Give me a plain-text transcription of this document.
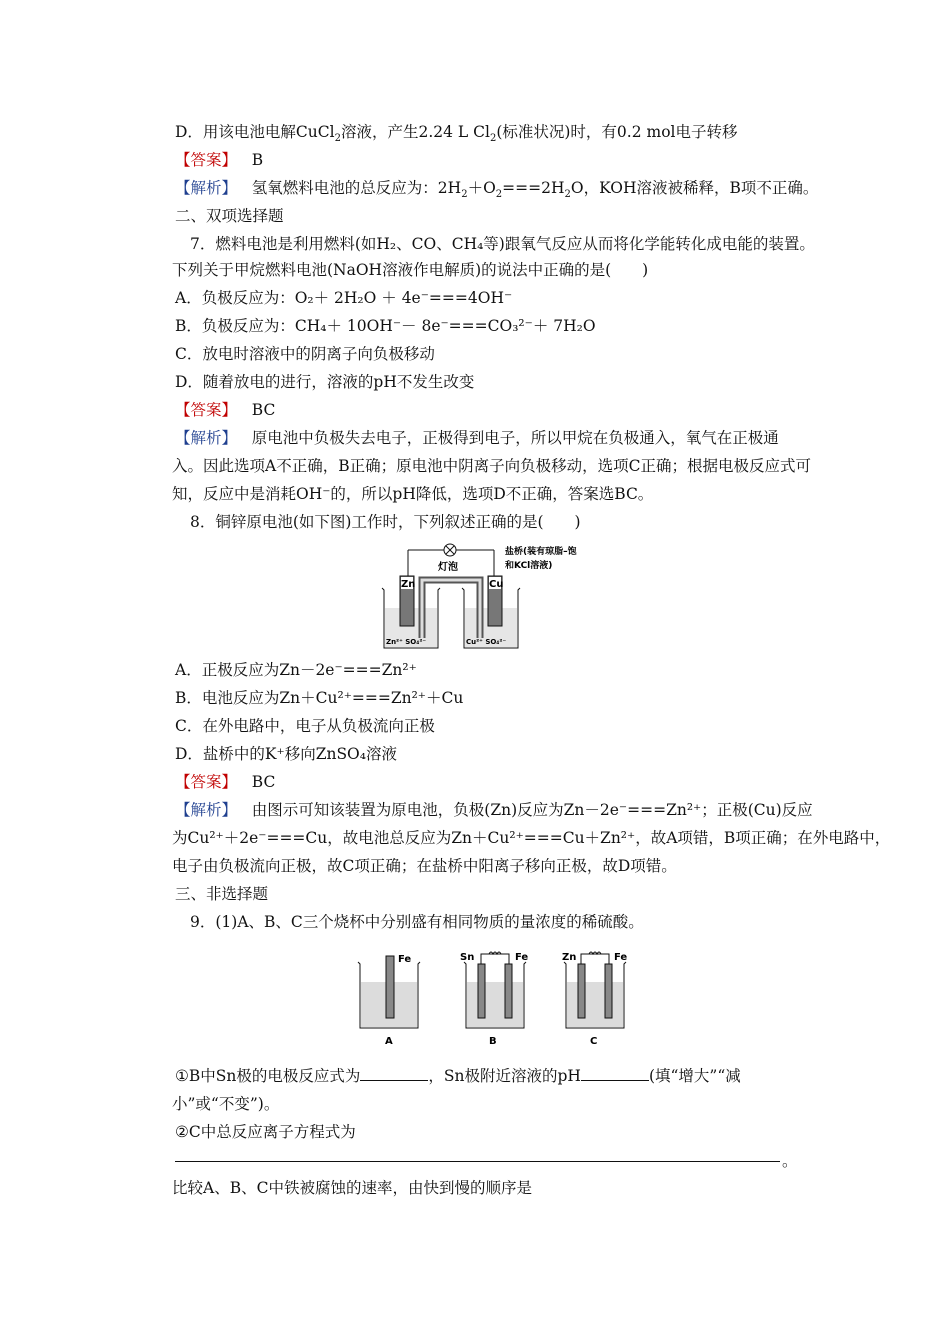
D．用该电池电解CuCl$_2$溶液，产生2.24 L $Cl_2$(标准状况)时，有0.2 mol电子转移
【答案】 B
【解析】 氢氧燃料电池的总反应为：$2H_2+O_2===2H_2O$，KOH溶液被稀释，B项不正确。
二、双项选择题
7．燃料电池是利用燃料(如H₂、CO、CH₄等)跟氧气反应从而将化学能转化成电能的装置。
下列关于甲烷燃料电池(NaOH溶液作电解质)的说法中正确的是(　　)
A．负极反应为：O₂＋ 2H₂O ＋ 4e⁻===4OH⁻
B．负极反应为：CH₄＋ 10OH⁻－ 8e⁻===CO₃²⁻＋ 7H₂O
C．放电时溶液中的阴离子向负极移动
D．随着放电的进行，溶液的pH不发生改变
【答案】 BC
【解析】 原电池中负极失去电子，正极得到电子，所以甲烷在负极通入，氧气在正极通
入。因此选项A不正确，B正确；原电池中阴离子向负极移动，选项C正确；根据电极反应式可
知，反应中是消耗OH⁻的，所以pH降低，选项D不正确，答案选BC。
8．铜锌原电池(如下图)工作时，下列叙述正确的是(　　)
灯泡
盐桥(装有琼脂–饱
和KCl溶液)
Zn	Cu
Zn²⁺ SO₄²⁻	Cu²⁺ SO₄²⁻
A．正极反应为Zn－2e⁻===Zn²⁺
B．电池反应为Zn＋Cu²⁺===Zn²⁺＋Cu
C．在外电路中，电子从负极流向正极
D．盐桥中的K⁺移向ZnSO₄溶液
【答案】 BC
【解析】 由图示可知该装置为原电池，负极(Zn)反应为Zn－2e⁻===Zn²⁺；正极(Cu)反应
为Cu²⁺＋2e⁻===Cu，故电池总反应为Zn＋Cu²⁺===Cu＋Zn²⁺，故A项错，B项正确；在外电路中，
电子由负极流向正极，故C项正确；在盐桥中阳离子移向正极，故D项错。
三、非选择题
9．(1)A、B、C三个烧杯中分别盛有相同物质的量浓度的稀硫酸。
Fe
A
Sn	Fe
B
Zn	Fe
C
①B中Sn极的电极反应式为	，Sn极附近溶液的pH	(填“增大”“减
小”或“不变”)。
②C中总反应离子方程式为
。
比较A、B、C中铁被腐蚀的速率，由快到慢的顺序是
